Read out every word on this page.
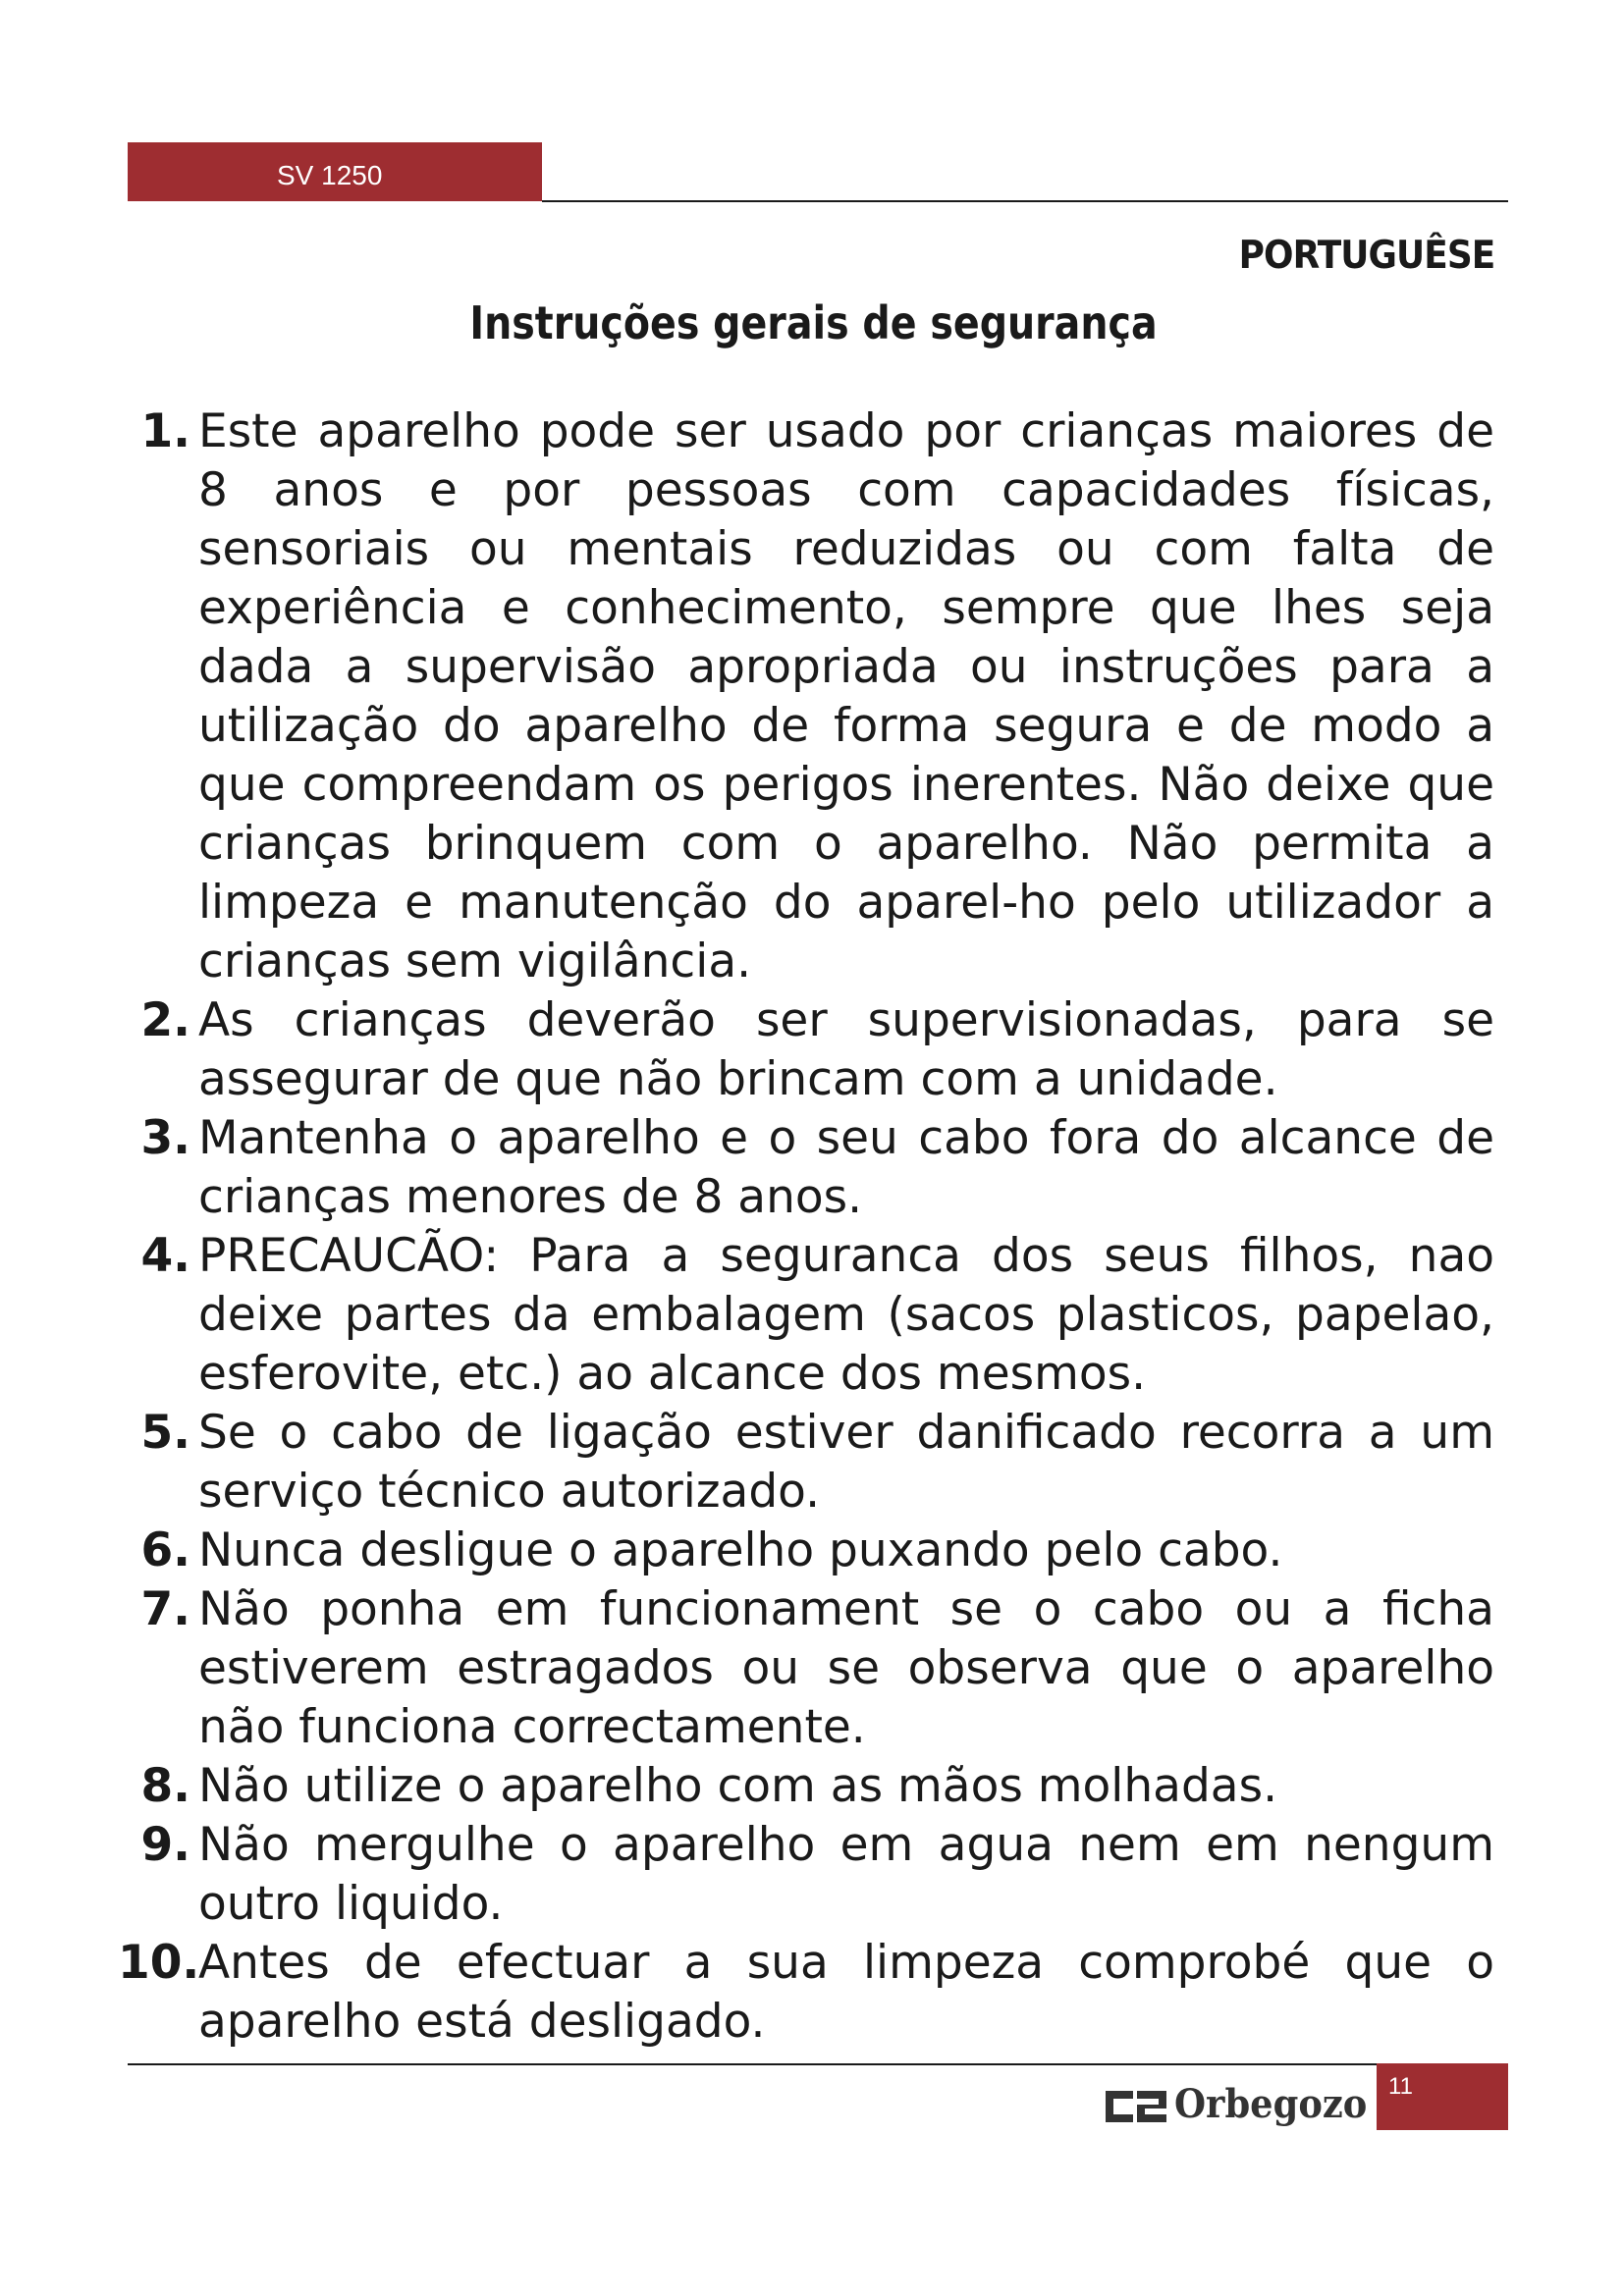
SV 1250
PORTUGUÊSE
Instruções gerais de segurança
1. Este aparelho pode ser usado por crianças maiores de 8 anos e por pessoas com capacidades físicas, sensoriais ou mentais reduzidas ou com falta de experiência e conhecimento, sempre que lhes seja dada a supervisão apropriada ou instruções para a utilização do aparelho de forma segura e de modo a que compreendam os perigos inerentes. Não deixe que crianças brinquem com o aparelho. Não permita a limpeza e manutenção do aparel-ho pelo utilizador a crianças sem vigilância.
2. As crianças deverão ser supervisionadas, para se assegurar de que não brincam com a unidade.
3. Mantenha o aparelho e o seu cabo fora do alcance de crianças menores de 8 anos.
4. PRECAUCÃO: Para a seguranca dos seus filhos, nao deixe partes da embalagem (sacos plasticos, papelao, esferovite, etc.) ao alcance dos mesmos.
5. Se o cabo de ligação estiver danificado recorra a um serviço técnico autorizado.
6. Nunca desligue o aparelho puxando pelo cabo.
7. Não ponha em funcionament se o cabo ou a ficha estiverem estragados ou se observa que o aparelho não funciona correctamente.
8. Não utilize o aparelho com as mãos molhadas.
9. Não mergulhe o aparelho em agua nem em nengum outro liquido.
10.
Antes de efectuar a sua limpeza comprobé que o aparelho está desligado.
Orbegozo 11
